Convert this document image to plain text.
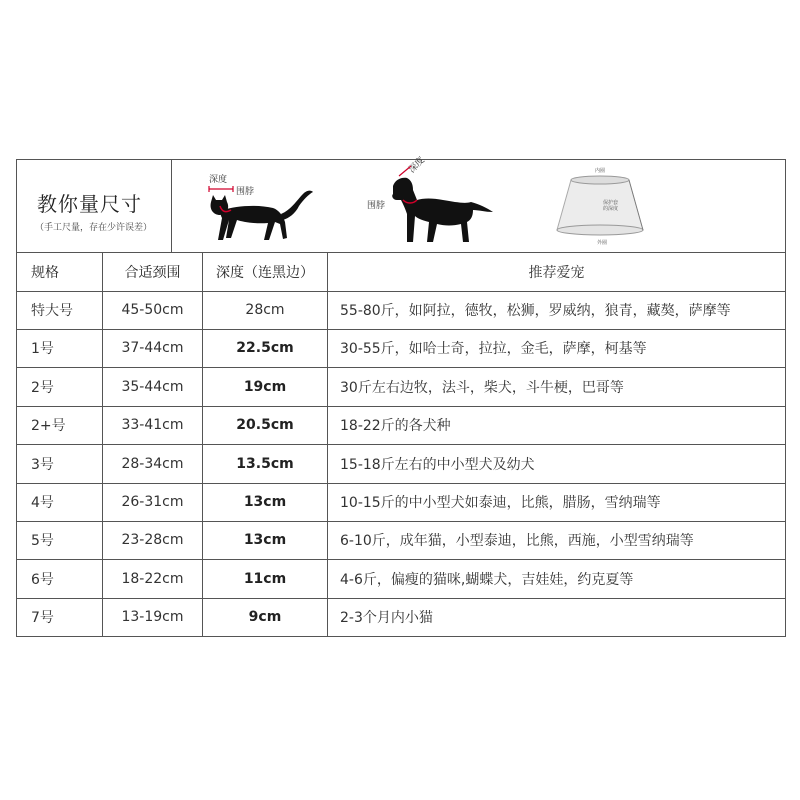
教你量尺寸
（手工尺量，存在少许误差）
深度
围脖
围脖
深度	内圈
保护套
的深度
外圈
规格	合适颈围	深度（连黑边）	推荐爱宠
特大号	45-50cm	28cm	55-80斤，如阿拉，德牧，松狮，罗威纳，狼青，藏獒，萨摩等
1号	37-44cm	22.5cm	30-55斤，如哈士奇，拉拉，金毛，萨摩，柯基等
2号	35-44cm	19cm	30斤左右边牧，法斗，柴犬，斗牛梗，巴哥等
2+号	33-41cm	20.5cm	18-22斤的各犬种
3号	28-34cm	13.5cm	15-18斤左右的中小型犬及幼犬
4号	26-31cm	13cm	10-15斤的中小型犬如泰迪，比熊，腊肠，雪纳瑞等
5号	23-28cm	13cm	6-10斤，成年猫，小型泰迪，比熊，西施，小型雪纳瑞等
6号	18-22cm	11cm	4-6斤，偏瘦的猫咪,蝴蝶犬，吉娃娃，约克夏等
7号	13-19cm	9cm	2-3个月内小猫
